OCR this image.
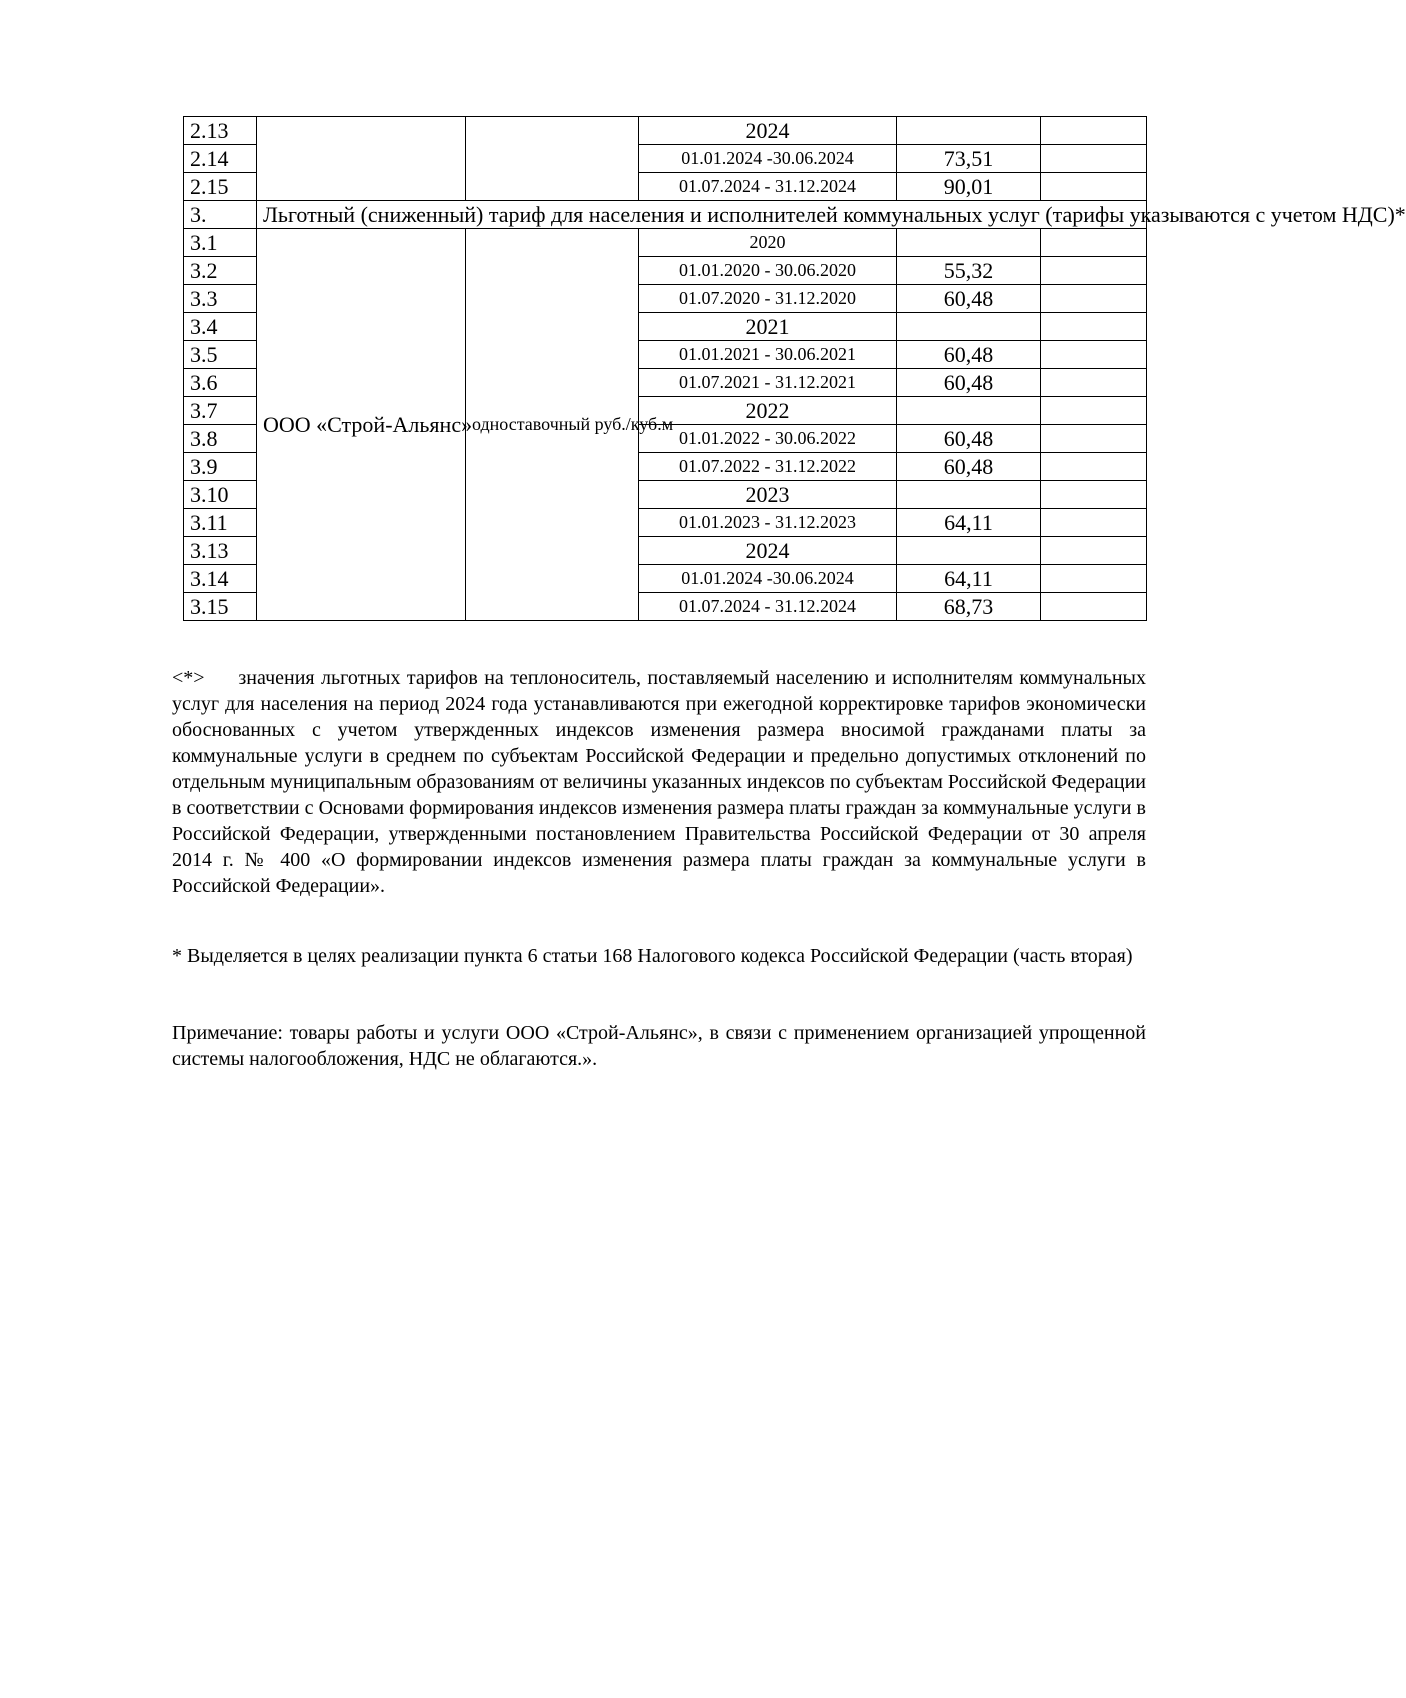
2.13			2024		
2.14			01.01.2024 -30.06.2024	73,51	
2.15			01.07.2024 - 31.12.2024	90,01	
3.	Льготный (сниженный) тариф для населения и исполнителей коммунальных услуг (тарифы указываются с учетом НДС)*				
3.1	ООО «Строй-Альянс»	одноставочный руб./куб.м	2020		
3.2			01.01.2020 - 30.06.2020	55,32	
3.3			01.07.2020 - 31.12.2020	60,48	
3.4			2021		
3.5			01.01.2021 - 30.06.2021	60,48	
3.6			01.07.2021 - 31.12.2021	60,48	
3.7			2022		
3.8			01.01.2022 - 30.06.2022	60,48	
3.9			01.07.2022 - 31.12.2022	60,48	
3.10			2023		
3.11			01.01.2023 - 31.12.2023	64,11	
3.13			2024		
3.14			01.01.2024 -30.06.2024	64,11	
3.15			01.07.2024 - 31.12.2024	68,73	

<*> значения льготных тарифов на теплоноситель, поставляемый населению и исполнителям коммунальных услуг для населения на период 2024 года устанавливаются при ежегодной корректировке тарифов экономически обоснованных с учетом утвержденных индексов изменения размера вносимой гражданами платы за коммунальные услуги в среднем по субъектам Российской Федерации и предельно допустимых отклонений по отдельным муниципальным образованиям от величины указанных индексов по субъектам Российской Федерации в соответствии с Основами формирования индексов изменения размера платы граждан за коммунальные услуги в Российской Федерации, утвержденными постановлением Правительства Российской Федерации от 30 апреля 2014 г. № 400 «О формировании индексов изменения размера платы граждан за коммунальные услуги в Российской Федерации».

* Выделяется в целях реализации пункта 6 статьи 168 Налогового кодекса Российской Федерации (часть вторая)

Примечание: товары работы и услуги ООО «Строй-Альянс», в связи с применением организацией упрощенной системы налогообложения, НДС не облагаются.».
